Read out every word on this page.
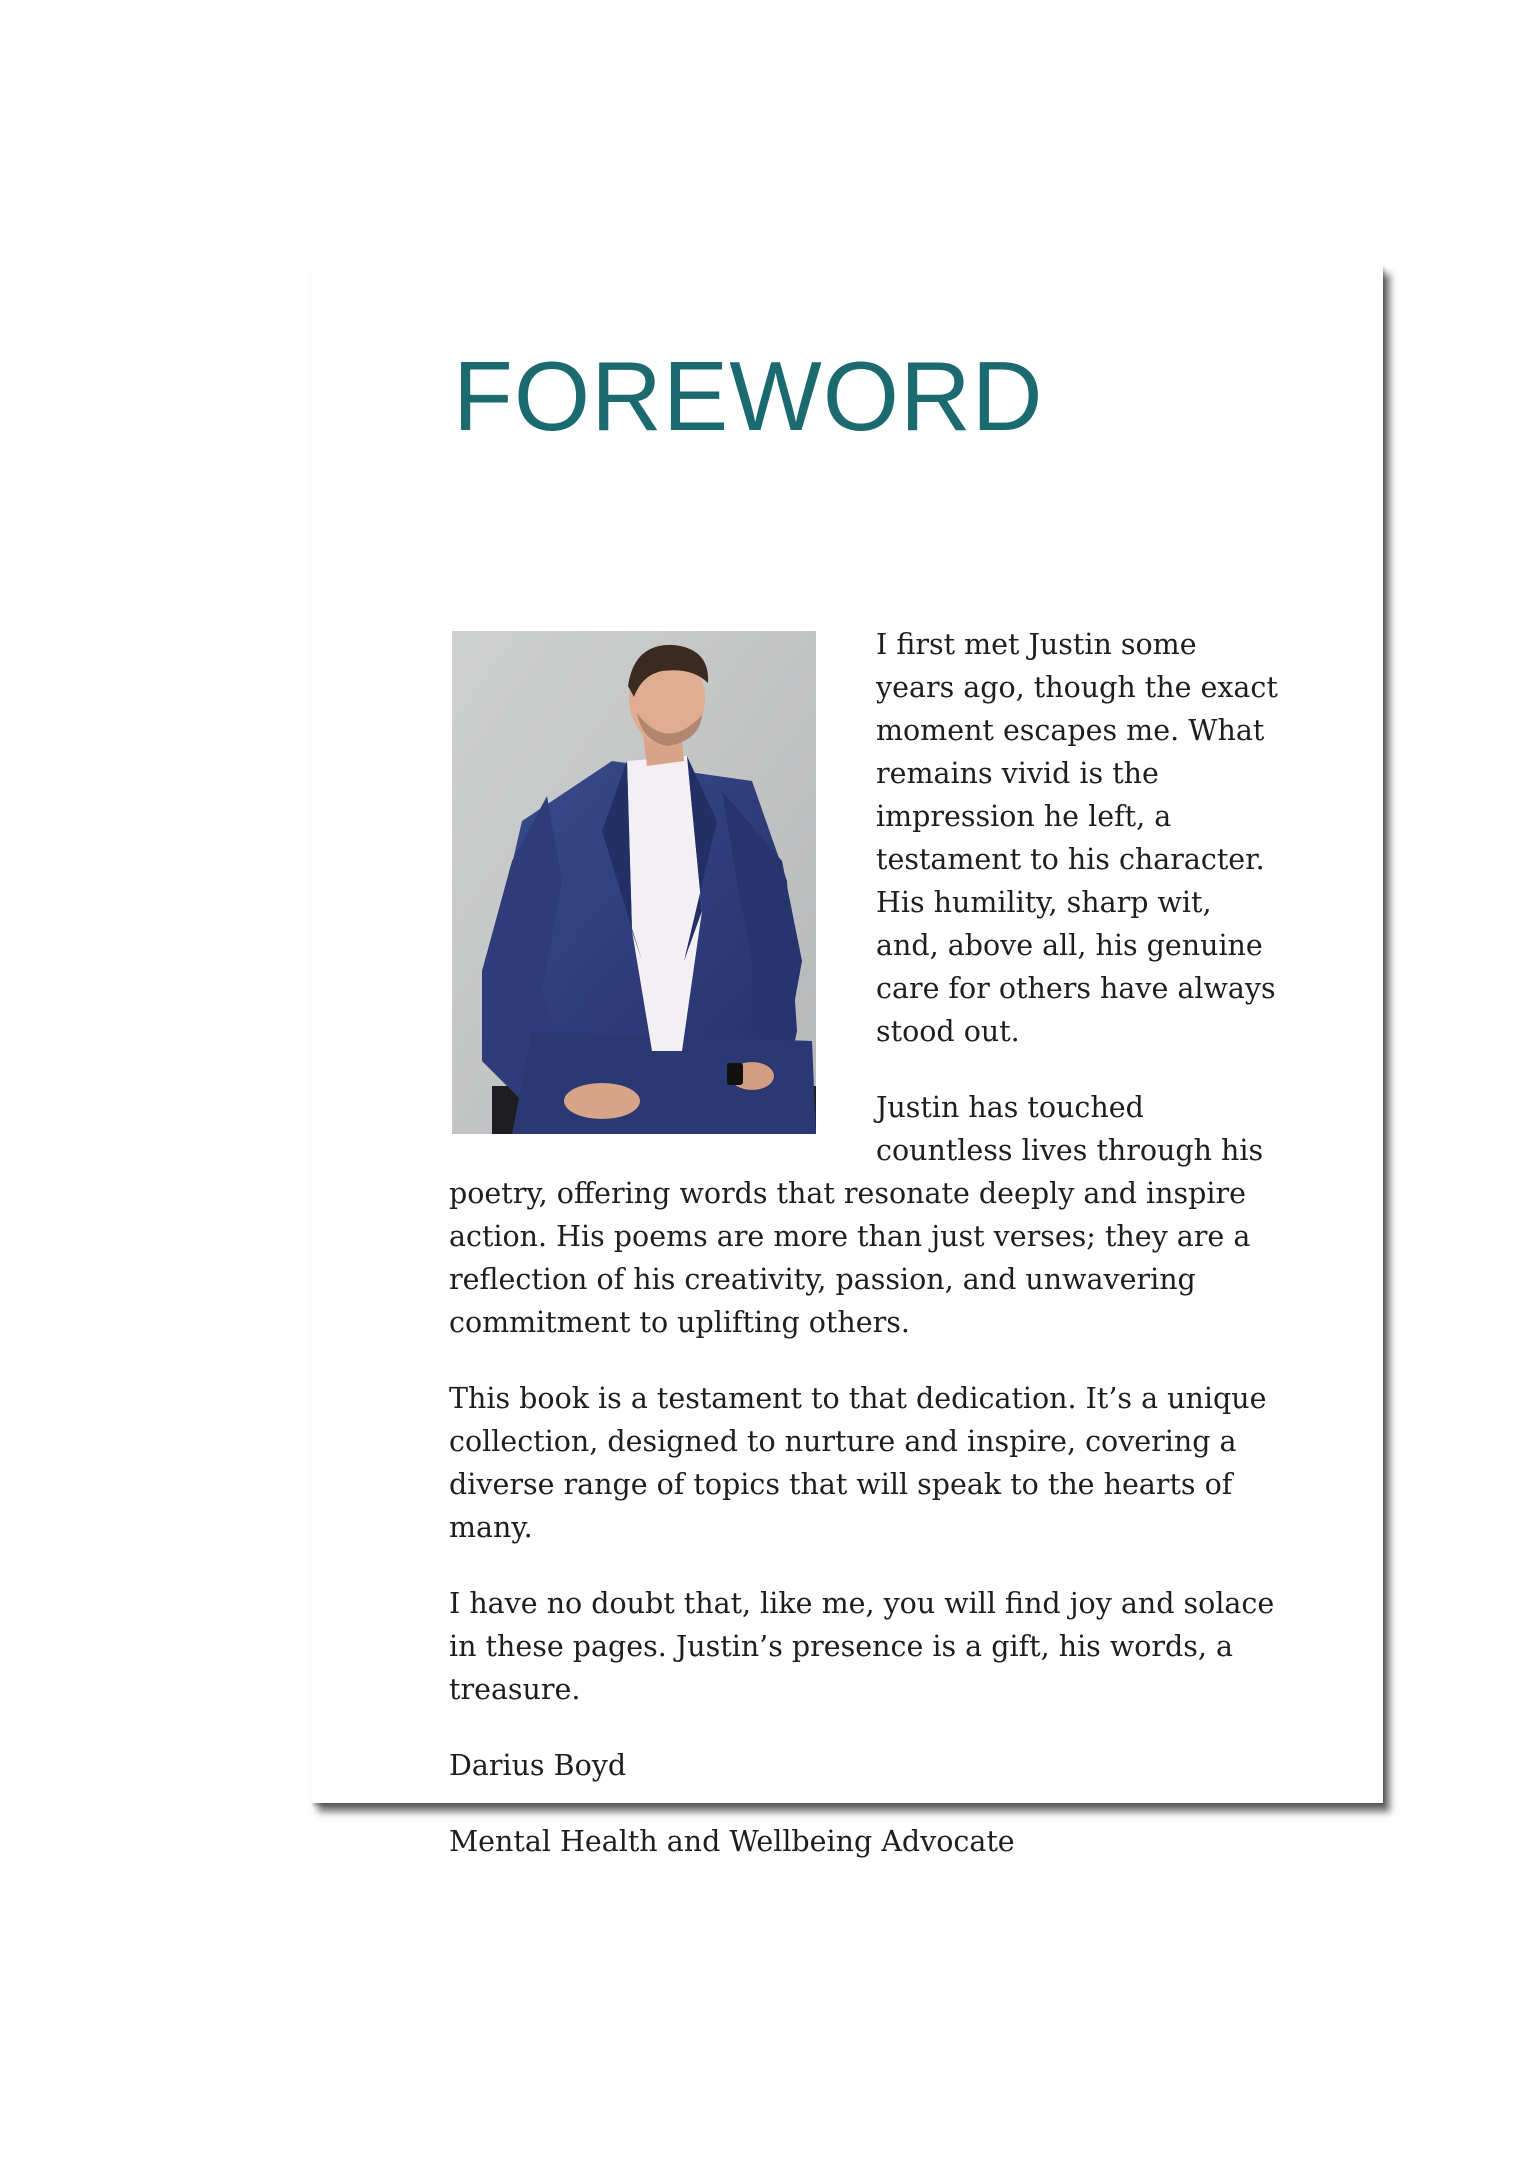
FOREWORD

I first met Justin some years ago, though the exact moment escapes me. What remains vivid is the impression he left, a testament to his character. His humility, sharp wit, and, above all, his genuine care for others have always stood out.

Justin has touched countless lives through his poetry, offering words that resonate deeply and inspire action. His poems are more than just verses; they are a reflection of his creativity, passion, and unwavering commitment to uplifting others.

This book is a testament to that dedication. It’s a unique collection, designed to nurture and inspire, covering a diverse range of topics that will speak to the hearts of many.

I have no doubt that, like me, you will find joy and solace in these pages. Justin’s presence is a gift, his words, a treasure.

Darius Boyd

Mental Health and Wellbeing Advocate
